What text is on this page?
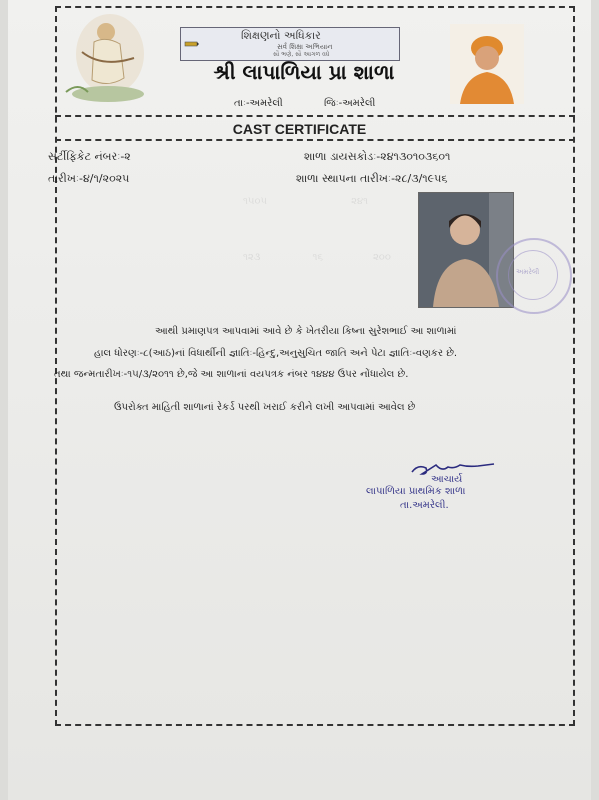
શિક્ષણનો અધિકાર
સર્વ શિક્ષા અભિયાન
સૌ ભણે, સૌ આગળ વધે
શ્રી લાપાળિયા પ્રા શાળા
તાઃ-અમરેલી	જિઃ-અમરેલી
CAST CERTIFICATE
સર્ટીફિકેટ નંબરઃ-૨
તારીખઃ-૪/૧/૨૦૨૫
શાળા ડાયસકોડઃ-૨૪૧૩૦૧૦૩૬૦૧
શાળા સ્થાપના તારીખઃ-૨૮/૩/૧૯૫૬
૧૫૦૫	૨૪૧
૧૨૩	૧૬	૨૦૦
અમરેલી
આથી પ્રમાણપત્ર આપવામાં આવે છે કે ખેતરીયા કિષ્ના સુરેશભાઈ આ શાળામાં
હાલ ધોરણઃ-૮(આઠ)નાં વિધાર્થીની જ્ઞાતિઃ-હિન્દુ,અનુસુચિત જાતિ અને પેટા જ્ઞાતિઃ-વણકર છે.
તથા જન્મતારીખઃ-૧૫/૩/૨૦૧૧ છે,જે આ શાળાનાં વયપત્રક નંબર ૧૪૪૪ ઉપર નોંધાયેલ છે.
ઉપરોક્ત માહિતી શાળાનાં રેકર્ડ પરથી ખરાઈ કરીને લખી આપવામાં આવેલ છે
આચાર્ય
લાપાળિયા પ્રાથમિક શાળા
તા.અમરેલી.
